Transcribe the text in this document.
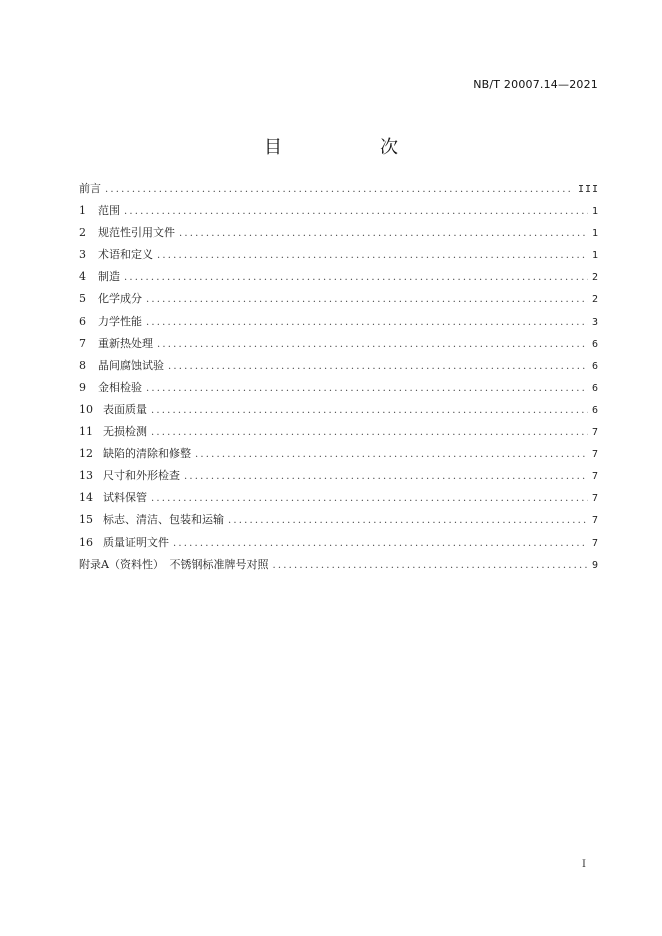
NB/T 20007.14—2021
目　次
前言 .....	III
1	范围 .....	1
2	规范性引用文件 .....	1
3	术语和定义 .....	1
4	制造 .....	2
5	化学成分 .....	2
6	力学性能 .....	3
7	重新热处理 .....	6
8	晶间腐蚀试验 .....	6
9	金相检验 .....	6
10 表面质量 .....	6
11 无损检测 .....	7
12 缺陷的清除和修整 .....	7
13 尺寸和外形检查 .....	7
14 试料保管 .....	7
15 标志、清洁、包装和运输 .....	7
16 质量证明文件 .....	7
附录A（资料性）　不锈钢标准牌号对照 .....	9
I
